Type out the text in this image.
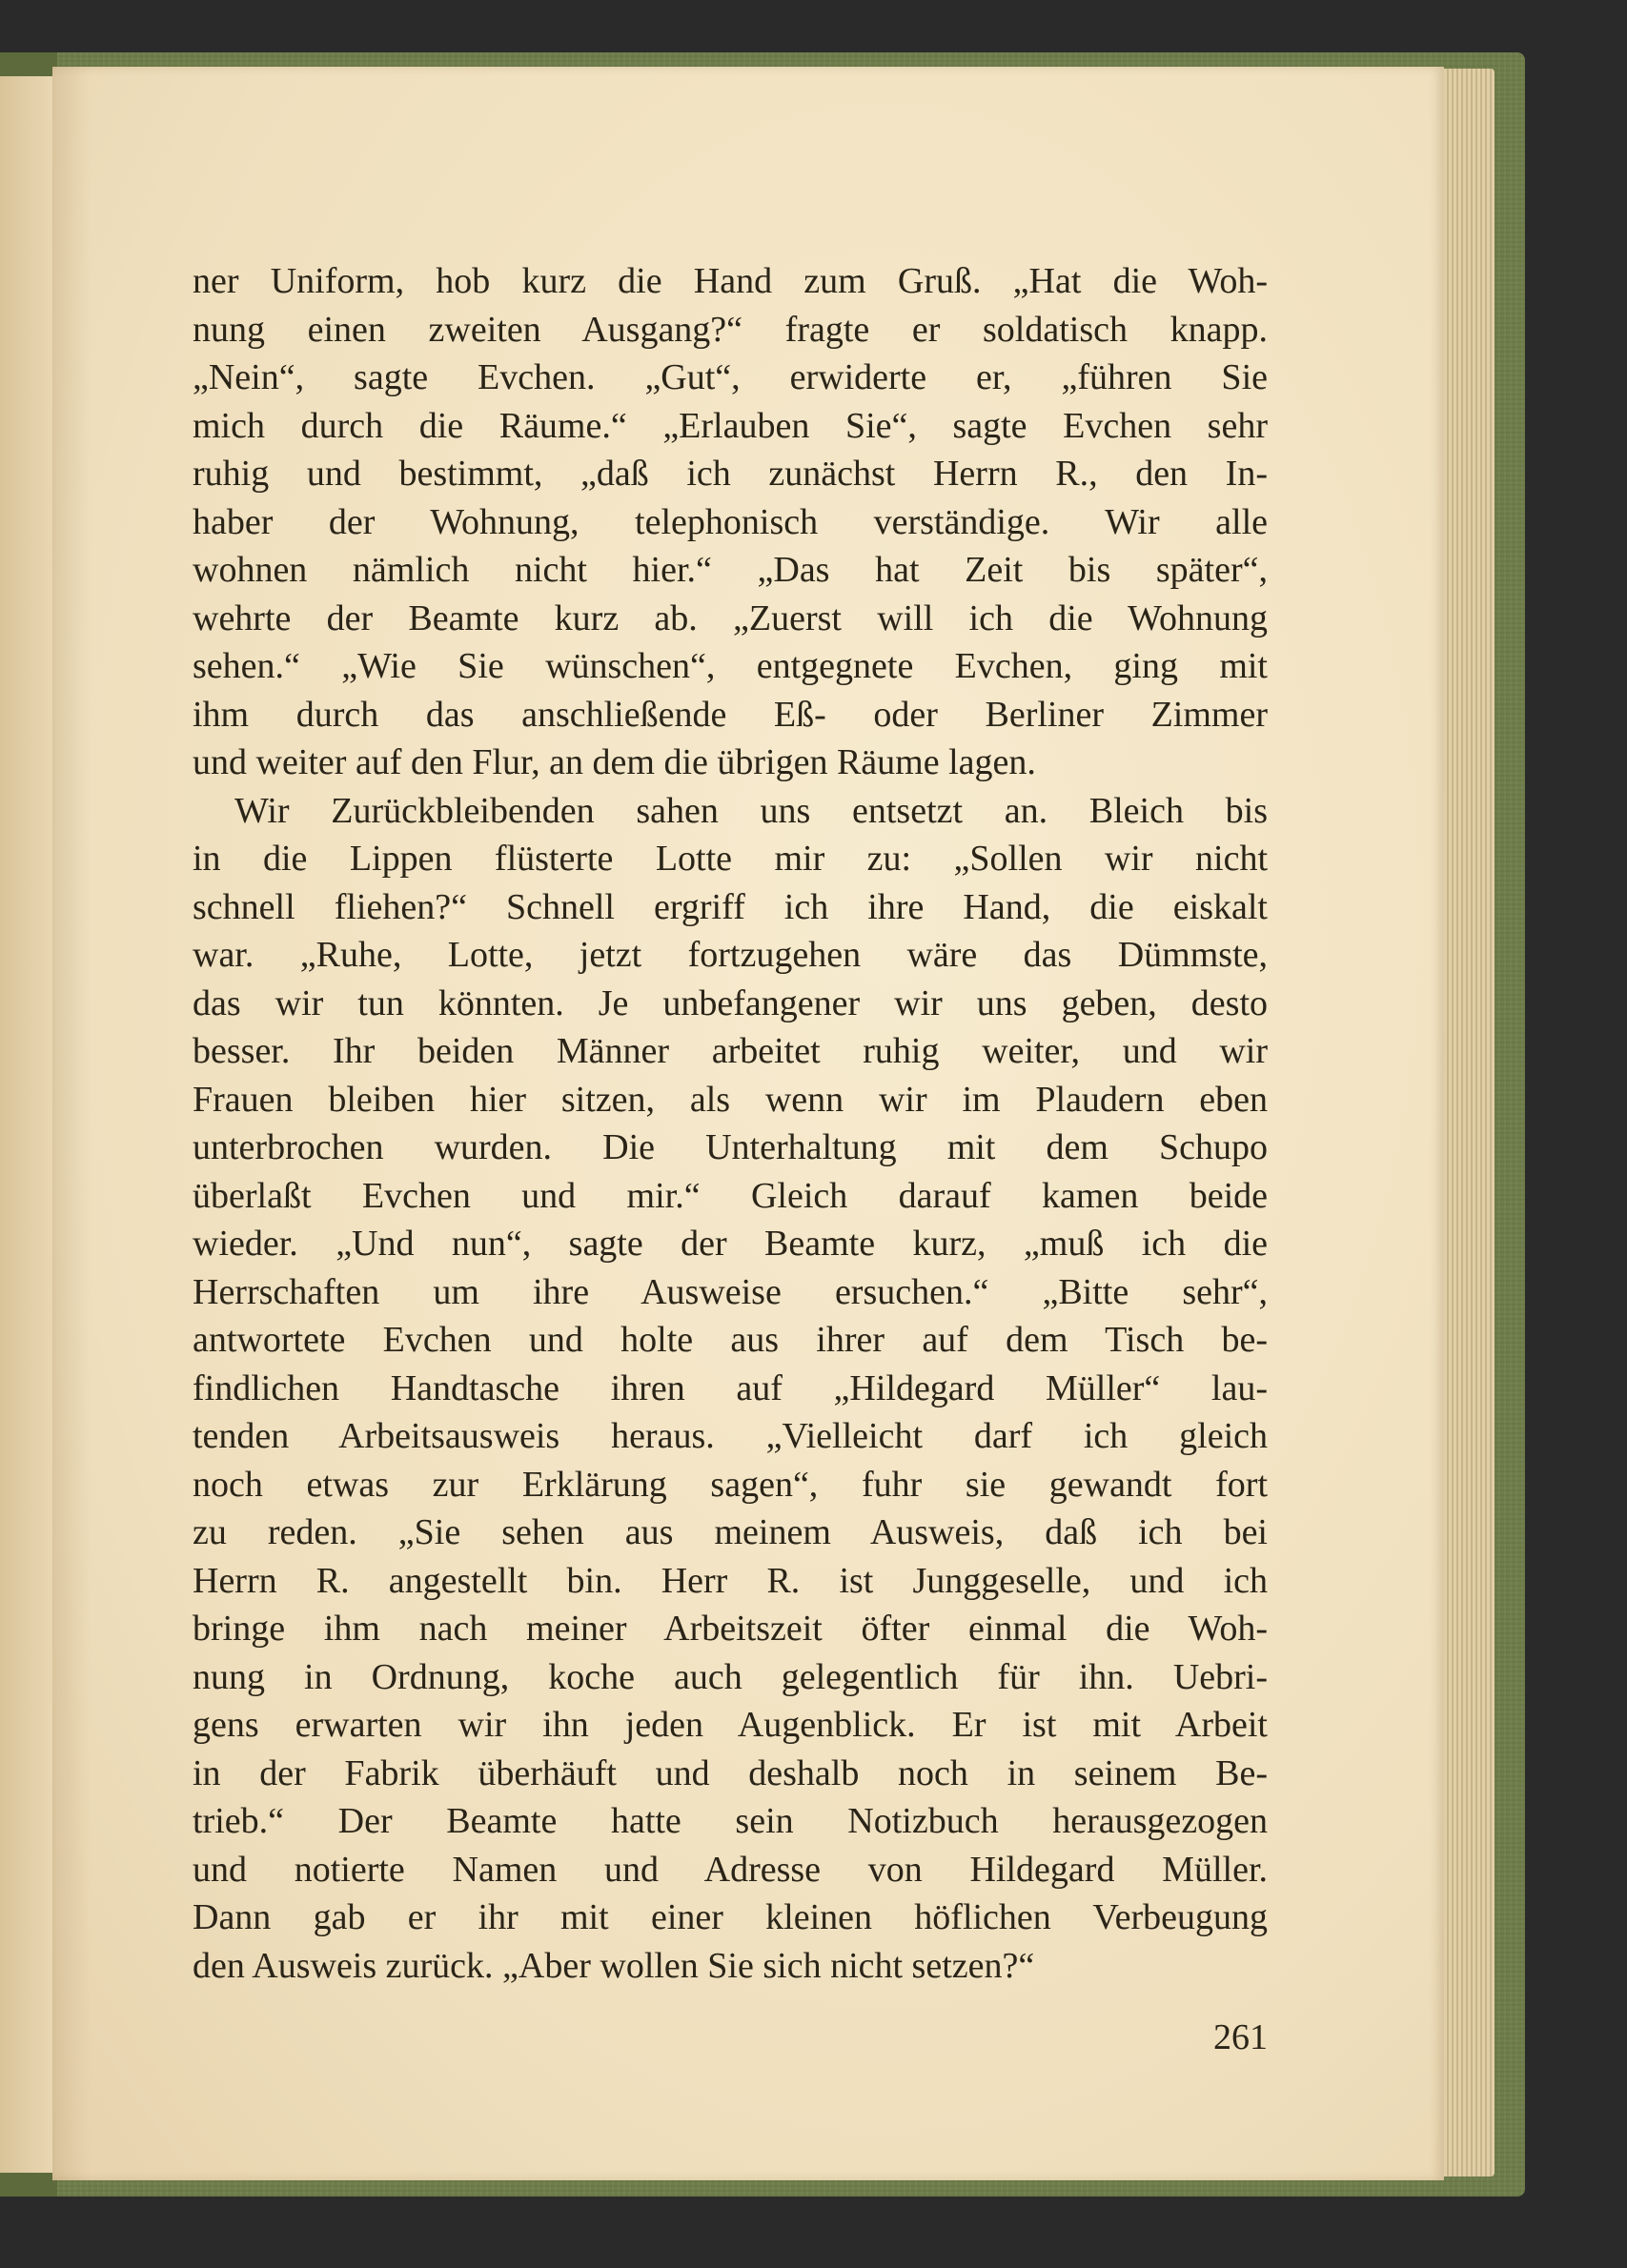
ner Uniform, hob kurz die Hand zum Gruß. „Hat die Woh-
nung einen zweiten Ausgang?“ fragte er soldatisch knapp.
„Nein“, sagte Evchen. „Gut“, erwiderte er, „führen Sie
mich durch die Räume.“ „Erlauben Sie“, sagte Evchen sehr
ruhig und bestimmt, „daß ich zunächst Herrn R., den In-
haber der Wohnung, telephonisch verständige. Wir alle
wohnen nämlich nicht hier.“ „Das hat Zeit bis später“,
wehrte der Beamte kurz ab. „Zuerst will ich die Wohnung
sehen.“ „Wie Sie wünschen“, entgegnete Evchen, ging mit
ihm durch das anschließende Eß- oder Berliner Zimmer
und weiter auf den Flur, an dem die übrigen Räume lagen.
Wir Zurückbleibenden sahen uns entsetzt an. Bleich bis
in die Lippen flüsterte Lotte mir zu: „Sollen wir nicht
schnell fliehen?“ Schnell ergriff ich ihre Hand, die eiskalt
war. „Ruhe, Lotte, jetzt fortzugehen wäre das Dümmste,
das wir tun könnten. Je unbefangener wir uns geben, desto
besser. Ihr beiden Männer arbeitet ruhig weiter, und wir
Frauen bleiben hier sitzen, als wenn wir im Plaudern eben
unterbrochen wurden. Die Unterhaltung mit dem Schupo
überlaßt Evchen und mir.“ Gleich darauf kamen beide
wieder. „Und nun“, sagte der Beamte kurz, „muß ich die
Herrschaften um ihre Ausweise ersuchen.“ „Bitte sehr“,
antwortete Evchen und holte aus ihrer auf dem Tisch be-
findlichen Handtasche ihren auf „Hildegard Müller“ lau-
tenden Arbeitsausweis heraus. „Vielleicht darf ich gleich
noch etwas zur Erklärung sagen“, fuhr sie gewandt fort
zu reden. „Sie sehen aus meinem Ausweis, daß ich bei
Herrn R. angestellt bin. Herr R. ist Junggeselle, und ich
bringe ihm nach meiner Arbeitszeit öfter einmal die Woh-
nung in Ordnung, koche auch gelegentlich für ihn. Uebri-
gens erwarten wir ihn jeden Augenblick. Er ist mit Arbeit
in der Fabrik überhäuft und deshalb noch in seinem Be-
trieb.“ Der Beamte hatte sein Notizbuch herausgezogen
und notierte Namen und Adresse von Hildegard Müller.
Dann gab er ihr mit einer kleinen höflichen Verbeugung
den Ausweis zurück. „Aber wollen Sie sich nicht setzen?“
261
